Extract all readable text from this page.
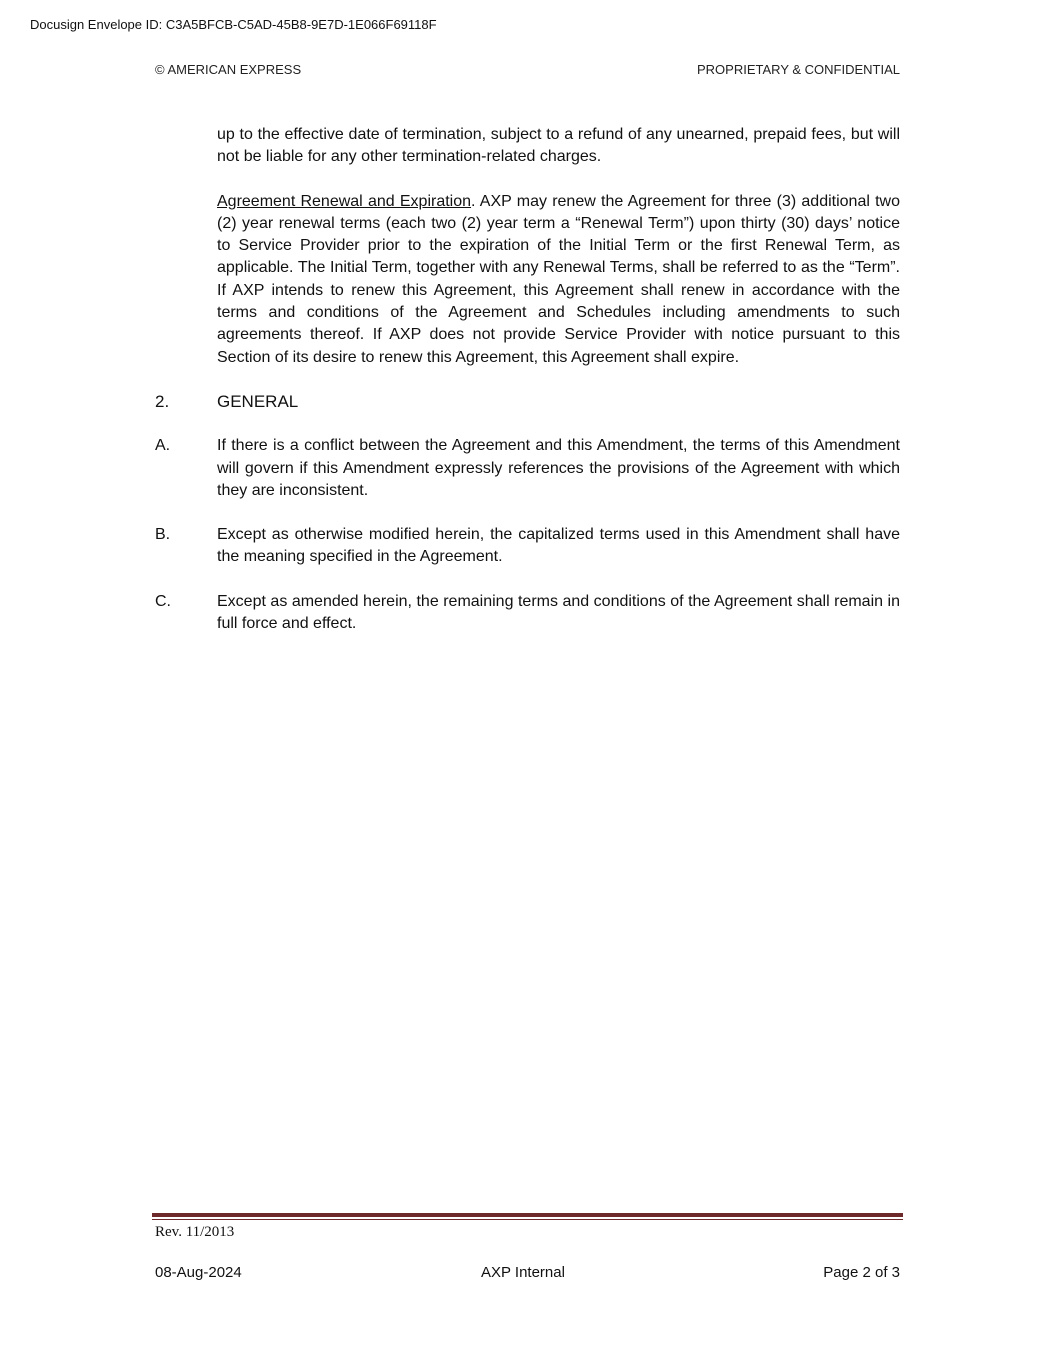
Docusign Envelope ID: C3A5BFCB-C5AD-45B8-9E7D-1E066F69118F
© AMERICAN EXPRESS	PROPRIETARY & CONFIDENTIAL

up to the effective date of termination, subject to a refund of any unearned, prepaid fees, but will not be liable for any other termination-related charges.

Agreement Renewal and Expiration. AXP may renew the Agreement for three (3) additional two (2) year renewal terms (each two (2) year term a “Renewal Term”) upon thirty (30) days’ notice to Service Provider prior to the expiration of the Initial Term or the first Renewal Term, as applicable. The Initial Term, together with any Renewal Terms, shall be referred to as the “Term”. If AXP intends to renew this Agreement, this Agreement shall renew in accordance with the terms and conditions of the Agreement and Schedules including amendments to such agreements thereof. If AXP does not provide Service Provider with notice pursuant to this Section of its desire to renew this Agreement, this Agreement shall expire.

2.	GENERAL
A.	If there is a conflict between the Agreement and this Amendment, the terms of this Amendment will govern if this Amendment expressly references the provisions of the Agreement with which they are inconsistent.
B.	Except as otherwise modified herein, the capitalized terms used in this Amendment shall have the meaning specified in the Agreement.
C.	Except as amended herein, the remaining terms and conditions of the Agreement shall remain in full force and effect.
Rev. 11/2013
08-Aug-2024	AXP Internal	Page 2 of 3
